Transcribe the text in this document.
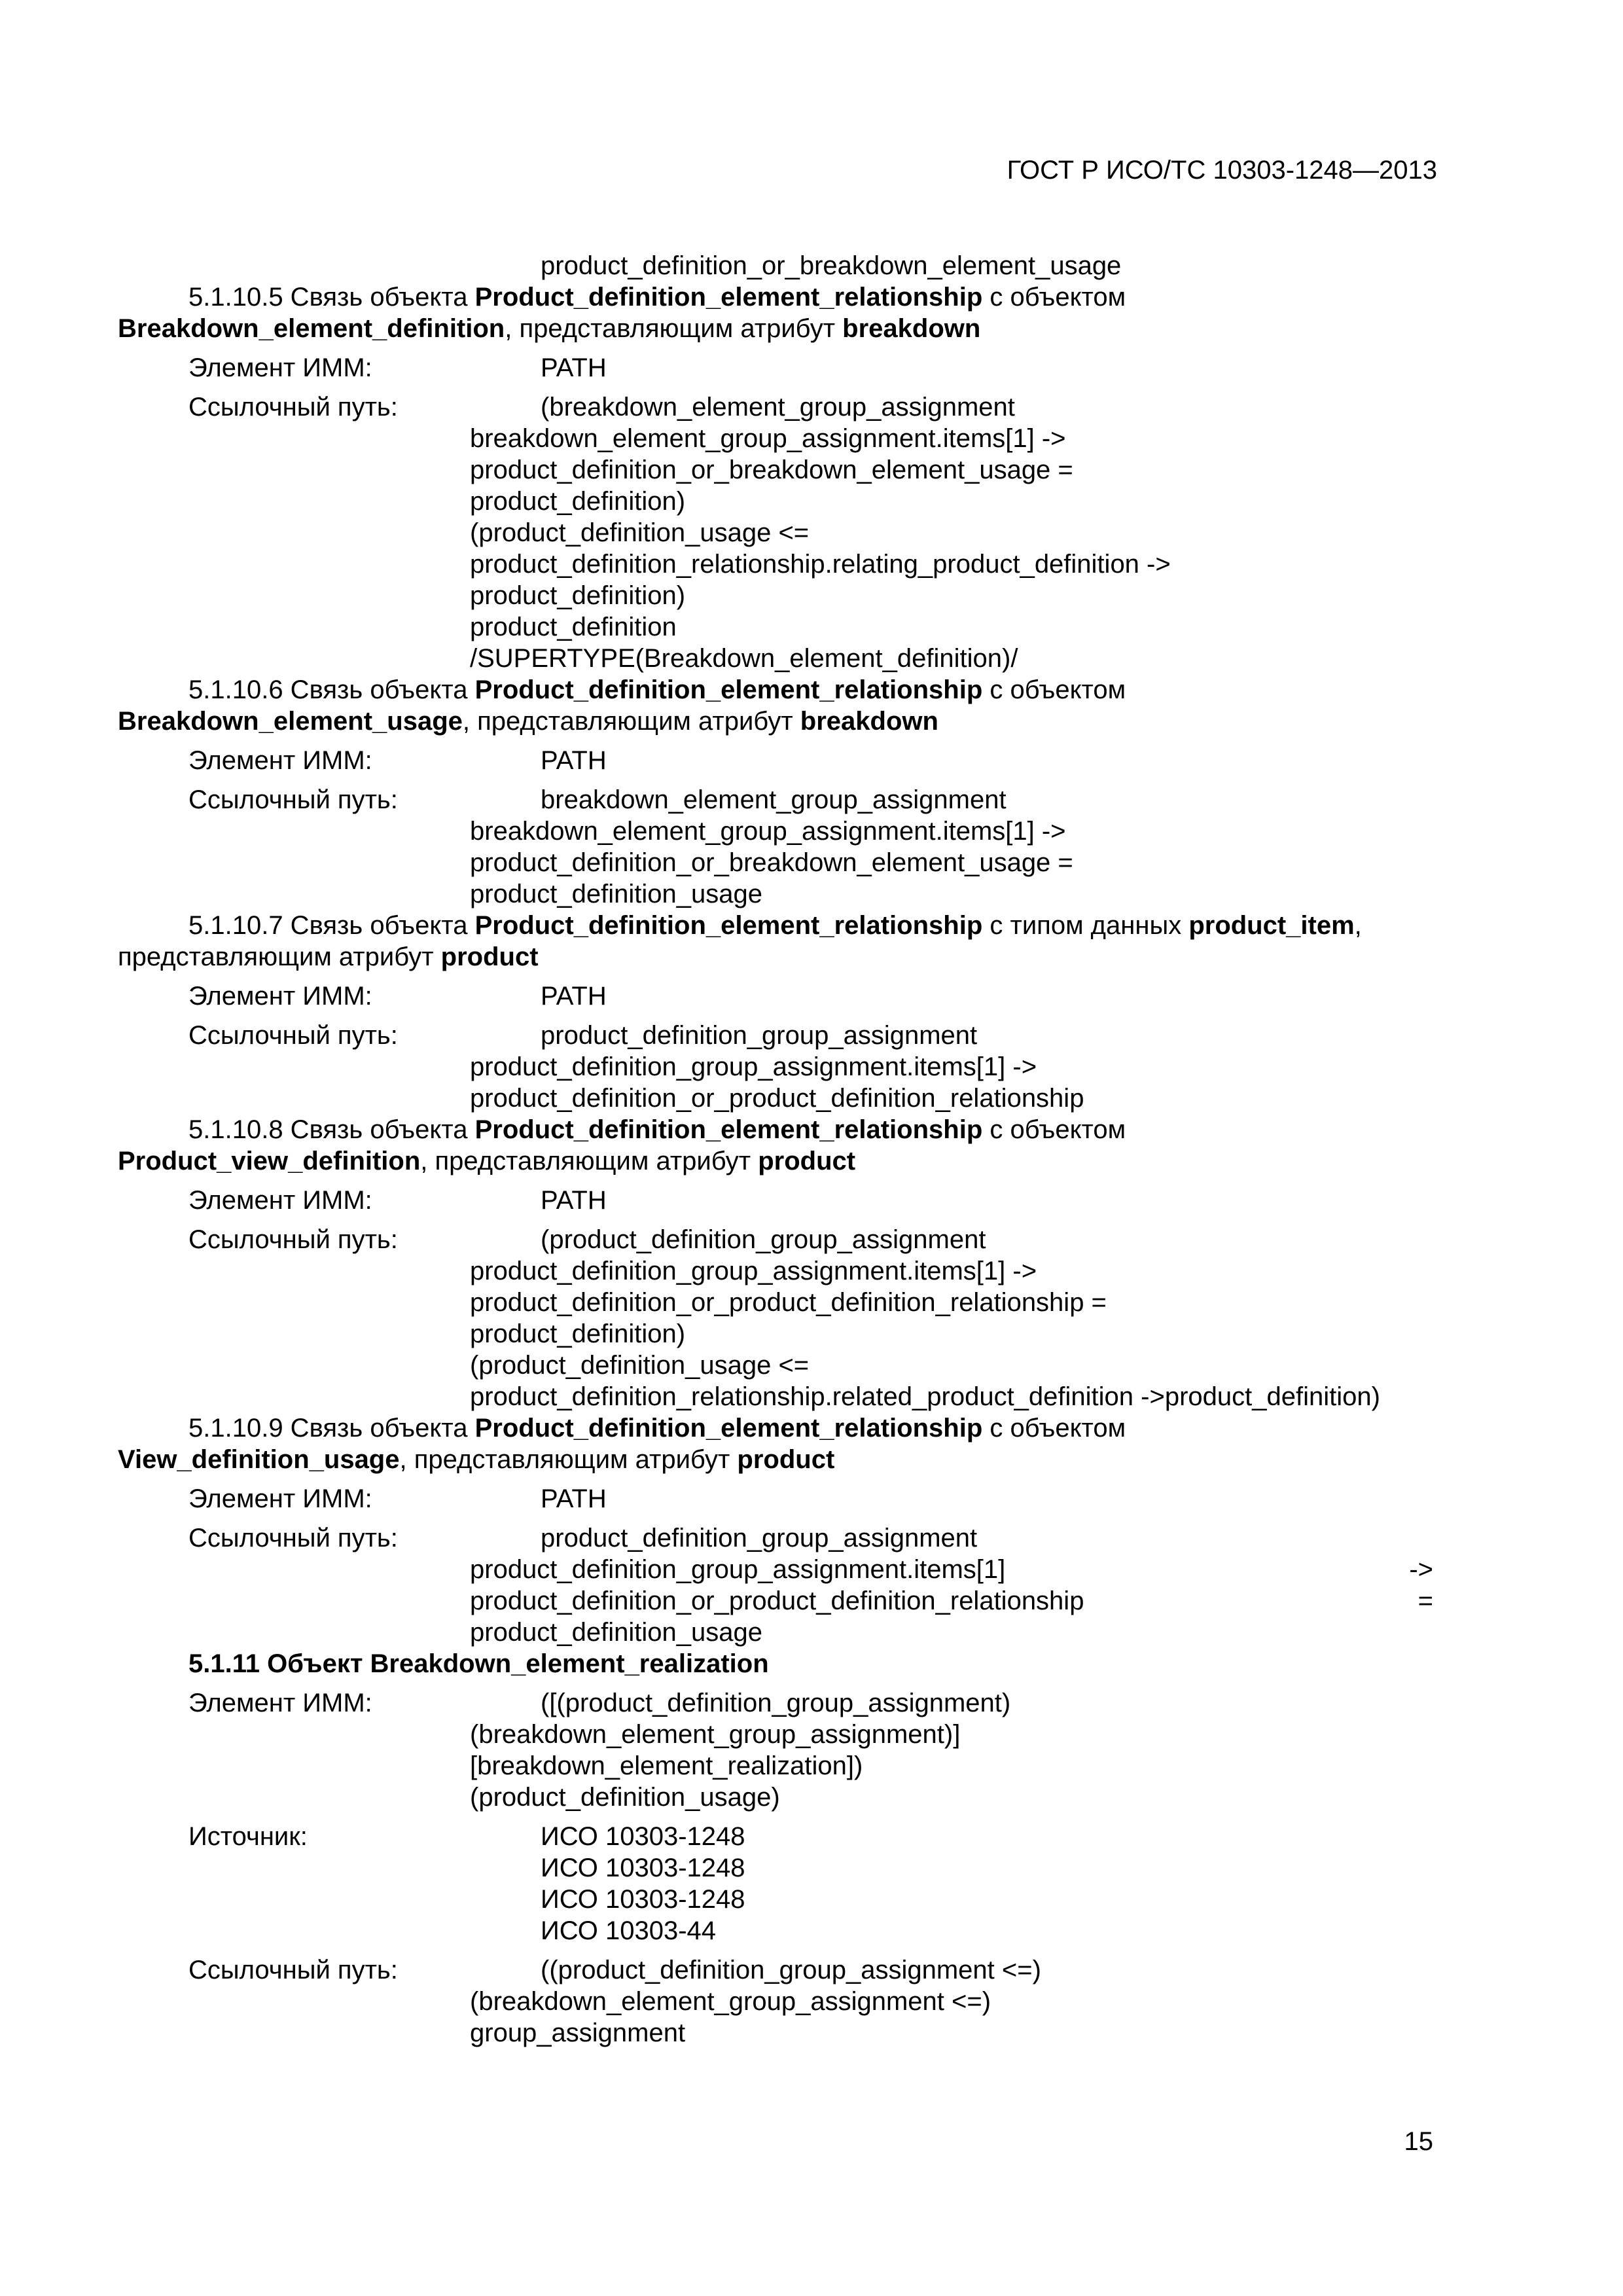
ГОСТ Р ИСО/ТС 10303-1248—2013
product_definition_or_breakdown_element_usage
5.1.10.5 Связь объекта Product_definition_element_relationship с объектом
Breakdown_element_definition, представляющим атрибут breakdown
Элемент ИММ:	PATH
Ссылочный путь:	(breakdown_element_group_assignment
breakdown_element_group_assignment.items[1] ->
product_definition_or_breakdown_element_usage =
product_definition)
(product_definition_usage <=
product_definition_relationship.relating_product_definition ->
product_definition)
product_definition
/SUPERTYPE(Breakdown_element_definition)/
5.1.10.6 Связь объекта Product_definition_element_relationship с объектом
Breakdown_element_usage, представляющим атрибут breakdown
Элемент ИММ:	PATH
Ссылочный путь:	breakdown_element_group_assignment
breakdown_element_group_assignment.items[1] ->
product_definition_or_breakdown_element_usage =
product_definition_usage
5.1.10.7 Связь объекта Product_definition_element_relationship с типом данных product_item,
представляющим атрибут product
Элемент ИММ:	PATH
Ссылочный путь:	product_definition_group_assignment
product_definition_group_assignment.items[1] ->
product_definition_or_product_definition_relationship
5.1.10.8 Связь объекта Product_definition_element_relationship с объектом
Product_view_definition, представляющим атрибут product
Элемент ИММ:	PATH
Ссылочный путь:	(product_definition_group_assignment
product_definition_group_assignment.items[1] ->
product_definition_or_product_definition_relationship =
product_definition)
(product_definition_usage <=
product_definition_relationship.related_product_definition ->product_definition)
5.1.10.9 Связь объекта Product_definition_element_relationship с объектом
View_definition_usage, представляющим атрибут product
Элемент ИММ:	PATH
Ссылочный путь:	product_definition_group_assignment
product_definition_group_assignment.items[1]	->
product_definition_or_product_definition_relationship	=
product_definition_usage
5.1.11 Объект Breakdown_element_realization
Элемент ИММ:	([(product_definition_group_assignment)
(breakdown_element_group_assignment)]
[breakdown_element_realization])
(product_definition_usage)
Источник:	ИСО 10303-1248
ИСО 10303-1248
ИСО 10303-1248
ИСО 10303-44
Ссылочный путь:	((product_definition_group_assignment <=)
(breakdown_element_group_assignment <=)
group_assignment
15
